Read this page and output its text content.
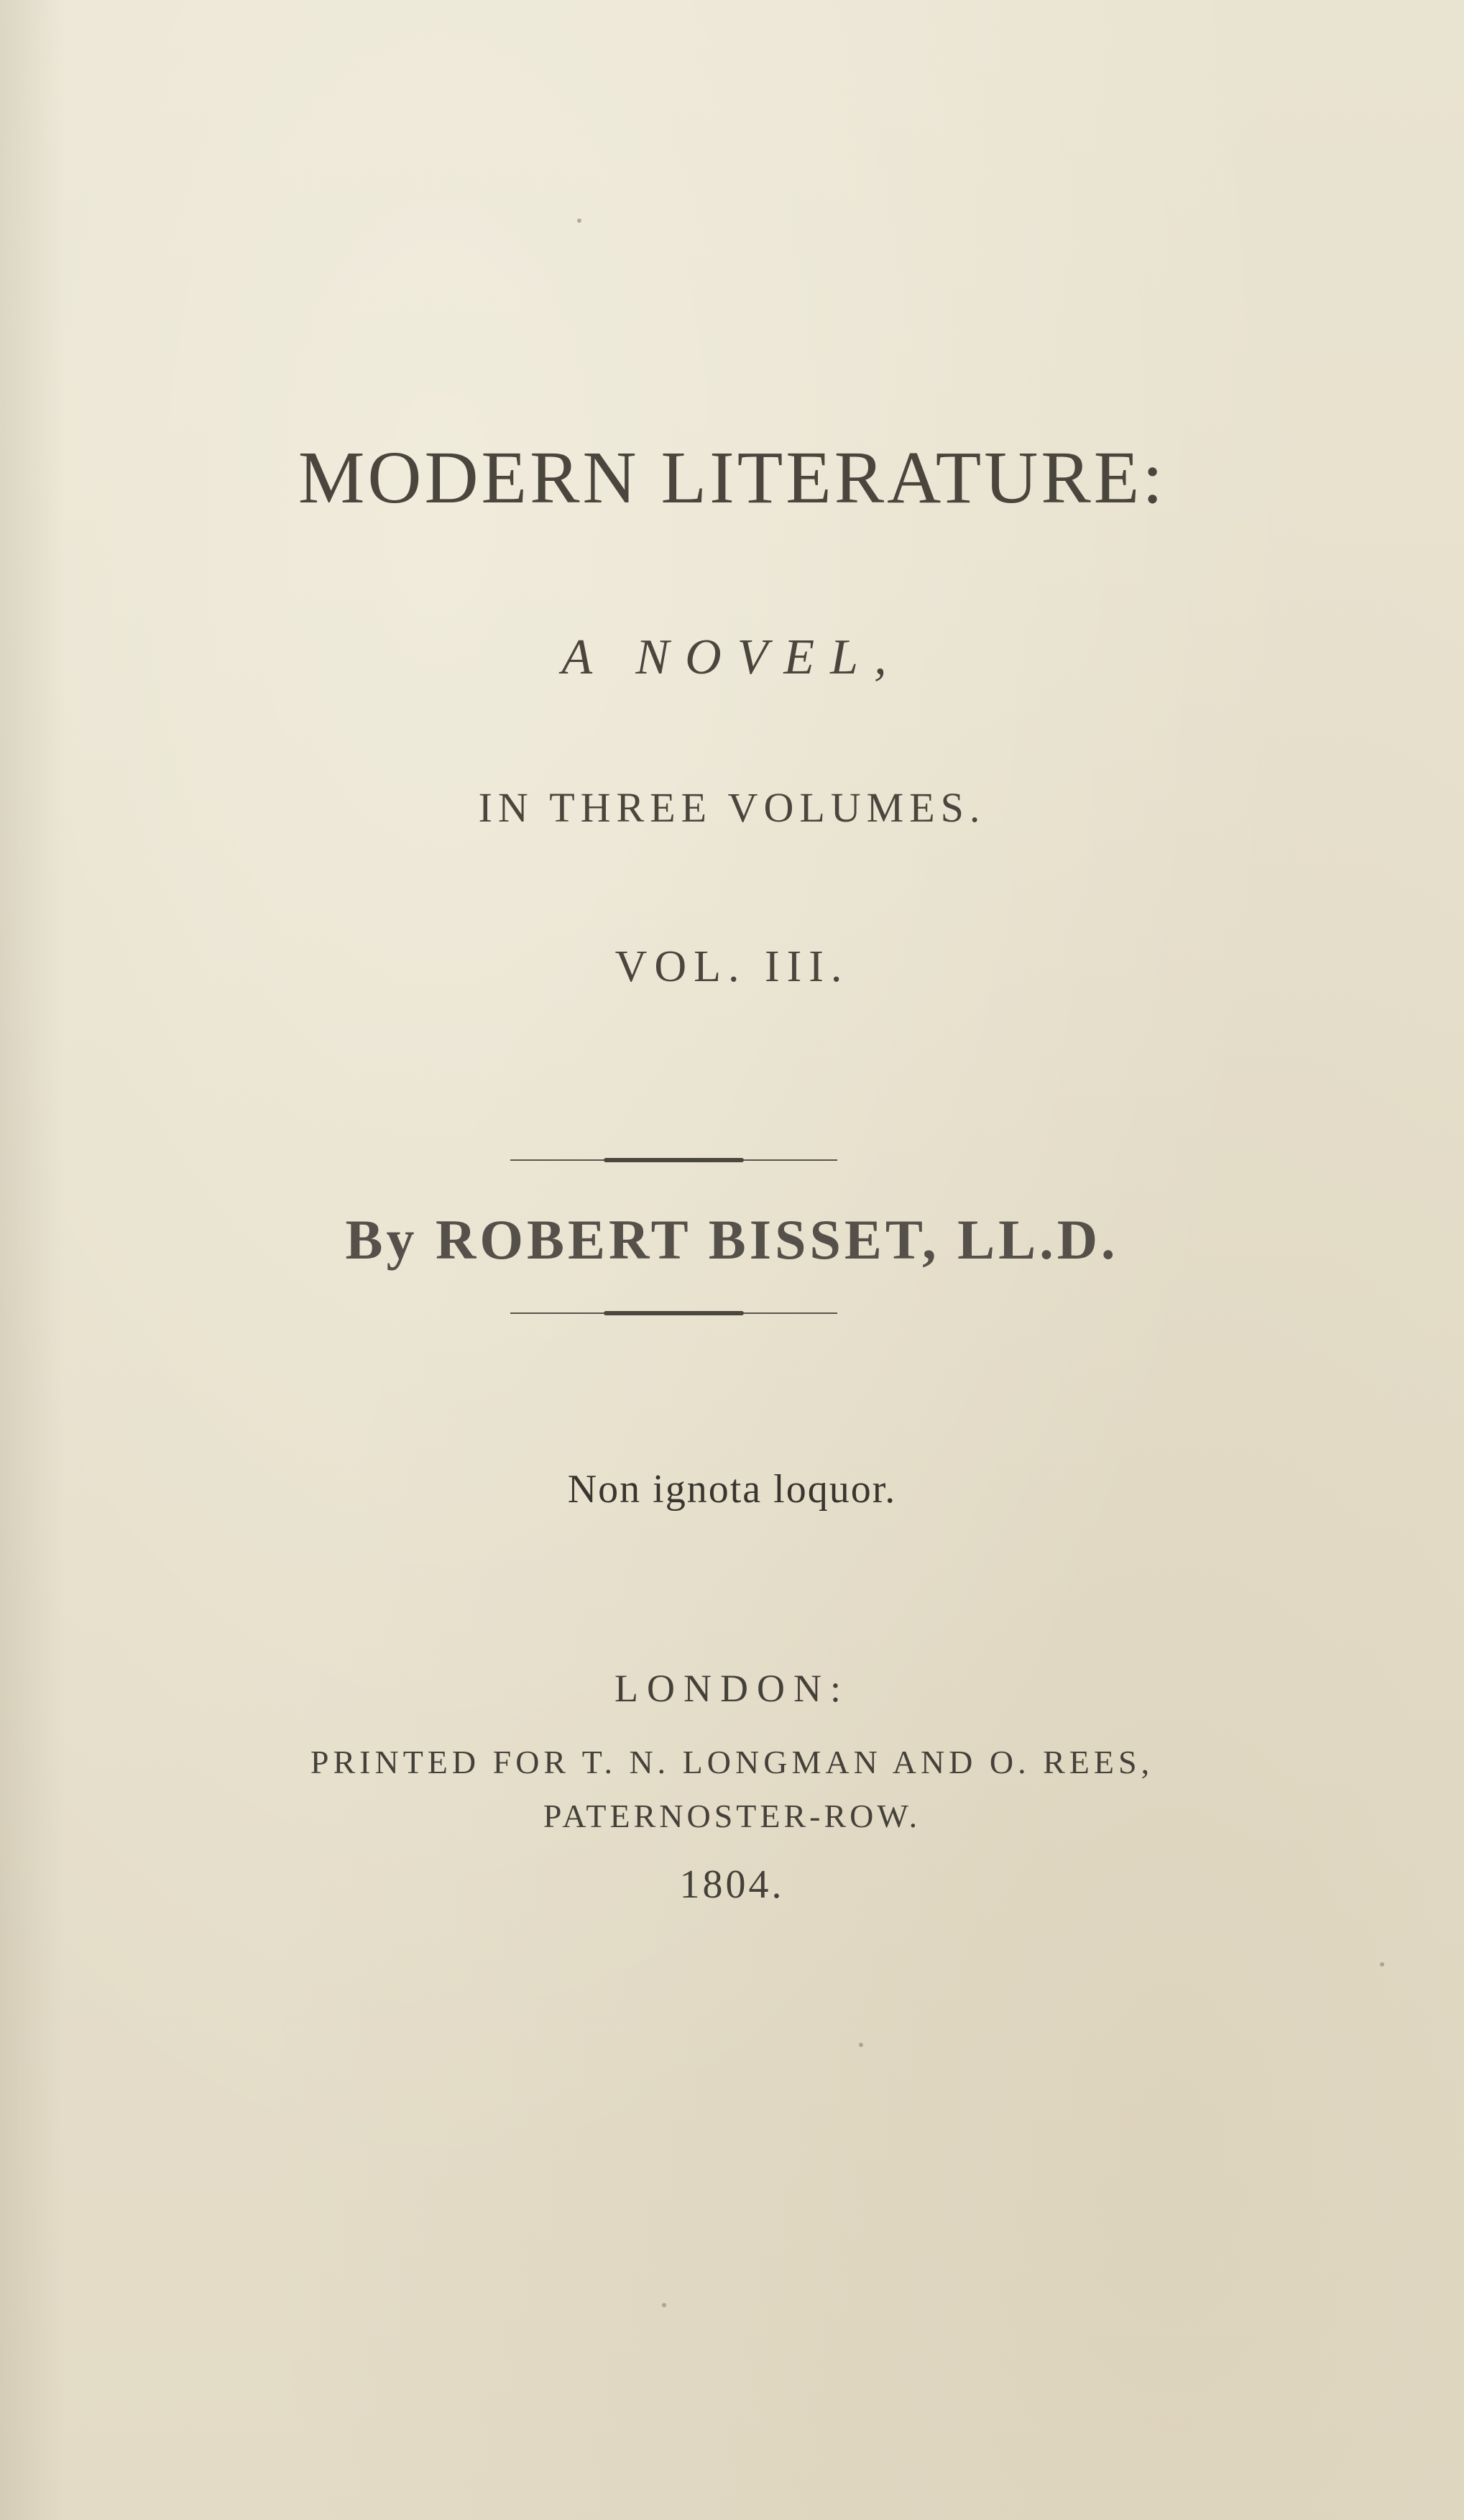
MODERN LITERATURE:
A NOVEL,
IN THREE VOLUMES.
VOL. III.
By ROBERT BISSET, LL.D.
Non ignota loquor.
LONDON:
PRINTED FOR T. N. LONGMAN AND O. REES,
PATERNOSTER-ROW.
1804.
